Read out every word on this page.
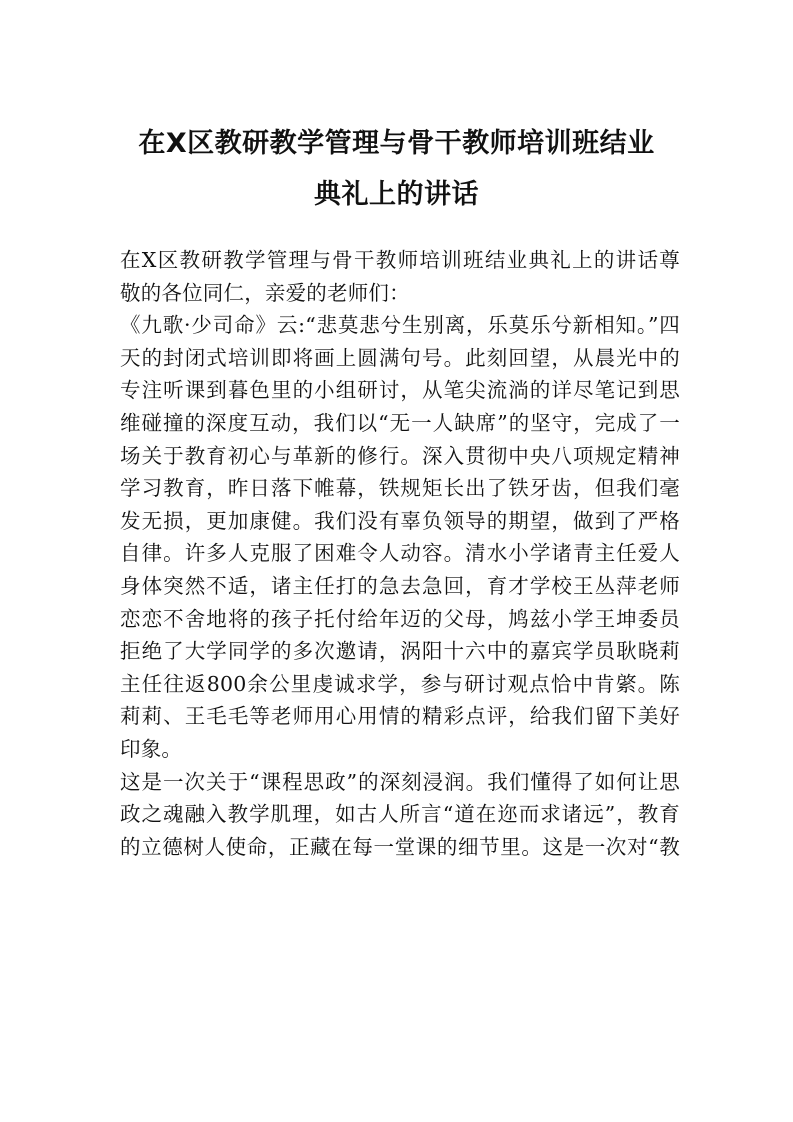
在X区教研教学管理与骨干教师培训班结业
典礼上的讲话
在X区教研教学管理与骨干教师培训班结业典礼上的讲话尊
敬的各位同仁，亲爱的老师们：
《九歌·少司命》云:“悲莫悲兮生别离，乐莫乐兮新相知。”四
天的封闭式培训即将画上圆满句号。此刻回望，从晨光中的
专注听课到暮色里的小组研讨，从笔尖流淌的详尽笔记到思
维碰撞的深度互动，我们以“无一人缺席”的坚守，完成了一
场关于教育初心与革新的修行。深入贯彻中央八项规定精神
学习教育，昨日落下帷幕，铁规矩长出了铁牙齿，但我们毫
发无损，更加康健。我们没有辜负领导的期望，做到了严格
自律。许多人克服了困难令人动容。清水小学诸青主任爱人
身体突然不适，诸主任打的急去急回，育才学校王丛萍老师
恋恋不舍地将的孩子托付给年迈的父母，鸠兹小学王坤委员
拒绝了大学同学的多次邀请，涡阳十六中的嘉宾学员耿晓莉
主任往返800余公里虔诚求学，参与研讨观点恰中肯綮。陈
莉莉、王毛毛等老师用心用情的精彩点评，给我们留下美好
印象。
这是一次关于“课程思政”的深刻浸润。我们懂得了如何让思
政之魂融入教学肌理，如古人所言“道在迩而求诸远”，教育
的立德树人使命，正藏在每一堂课的细节里。这是一次对“教
